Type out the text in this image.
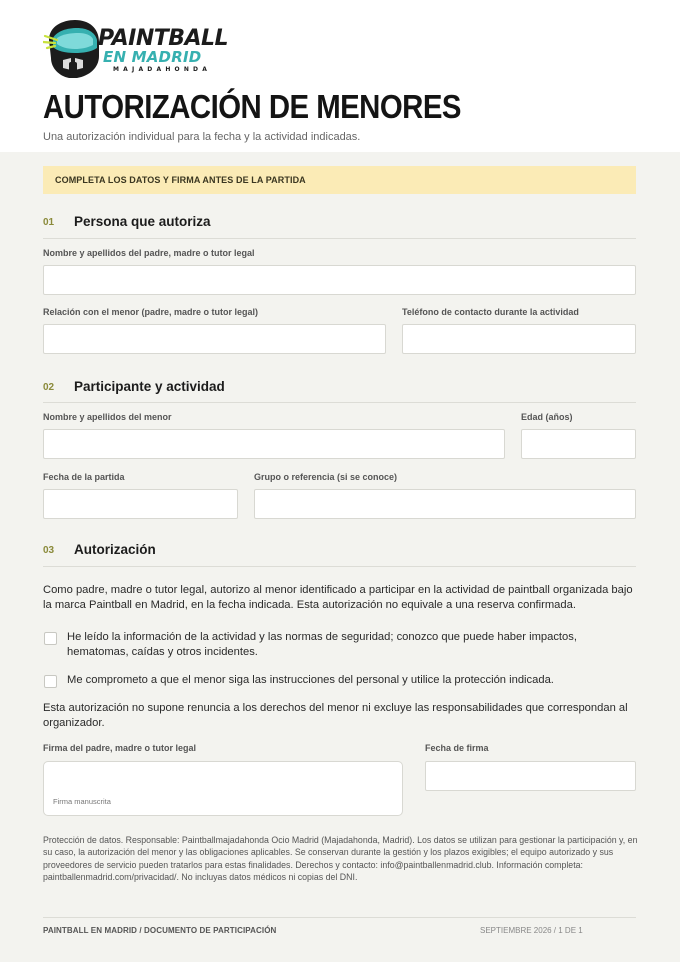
PAINTBALL
EN MADRID
MAJADAHONDA
AUTORIZACIÓN DE MENORES

Una autorización individual para la fecha y la actividad indicadas.

COMPLETA LOS DATOS Y FIRMA ANTES DE LA PARTIDA
01 Persona que autoriza
Nombre y apellidos del padre, madre o tutor legal
Relación con el menor (padre, madre o tutor legal)	Teléfono de contacto durante la actividad
02 Participante y actividad
Nombre y apellidos del menor	Edad (años)
Fecha de la partida	Grupo o referencia (si se conoce)
03 Autorización

Como padre, madre o tutor legal, autorizo al menor identificado a participar en la actividad de paintball organizada bajo la marca Paintball en Madrid, en la fecha indicada. Esta autorización no equivale a una reserva confirmada.

He leído la información de la actividad y las normas de seguridad; conozco que puede haber impactos, hematomas, caídas y otros incidentes.

Me comprometo a que el menor siga las instrucciones del personal y utilice la protección indicada.

Esta autorización no supone renuncia a los derechos del menor ni excluye las responsabilidades que correspondan al organizador.

Firma del padre, madre o tutor legal
Firma manuscrita
Fecha de firma

Protección de datos. Responsable: Paintballmajadahonda Ocio Madrid (Majadahonda, Madrid). Los datos se utilizan para gestionar la participación y, en su caso, la autorización del menor y las obligaciones aplicables. Se conservan durante la gestión y los plazos exigibles; el equipo autorizado y sus proveedores de servicio pueden tratarlos para estas finalidades. Derechos y contacto: info@paintballenmadrid.club. Información completa: paintballenmadrid.com/privacidad/. No incluyas datos médicos ni copias del DNI.

PAINTBALL EN MADRID / DOCUMENTO DE PARTICIPACIÓN	SEPTIEMBRE 2026 / 1 DE 1
